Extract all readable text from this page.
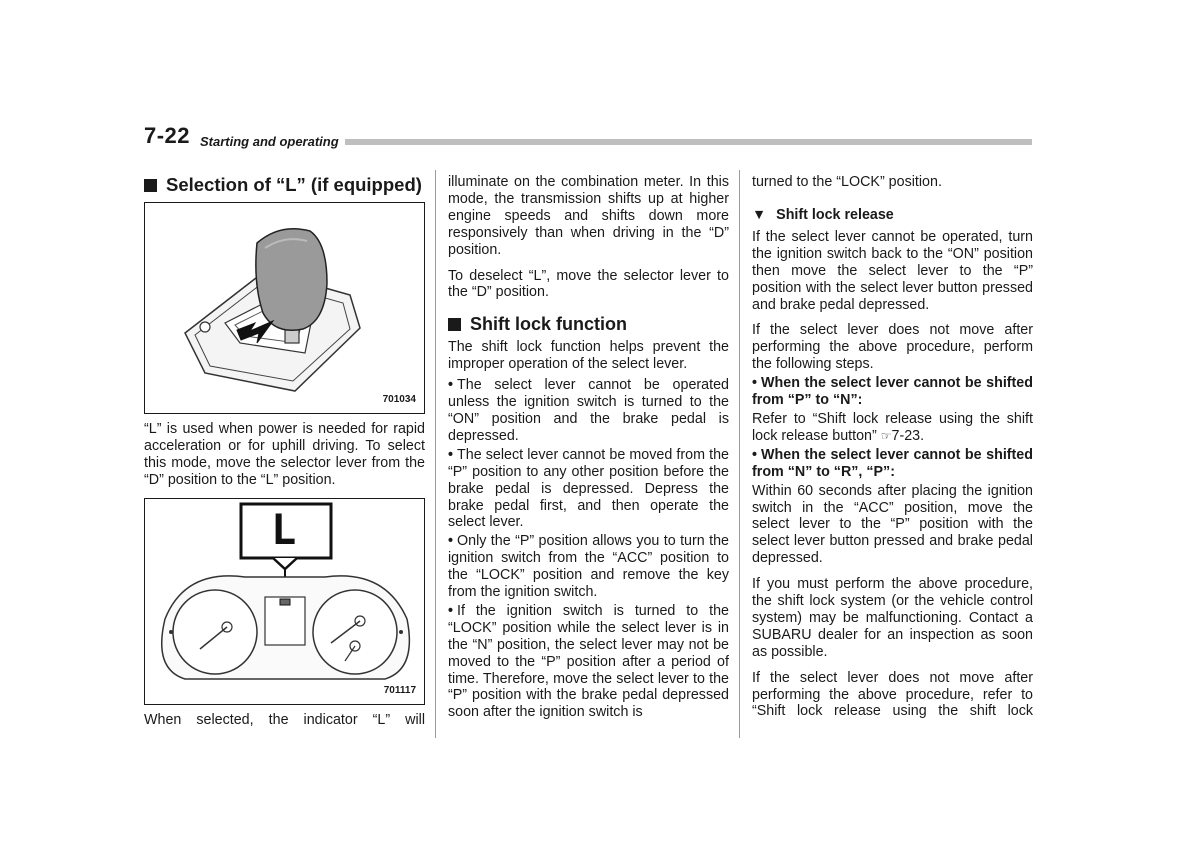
7-22 Starting and operating
Selection of “L” (if equipped)
701034

“L” is used when power is needed for rapid acceleration or for uphill driving. To select this mode, move the selector lever from the “D” position to the “L” position.

L
701117

When selected, the indicator “L” will

illuminate on the combination meter. In this mode, the transmission shifts up at higher engine speeds and shifts down more responsively than when driving in the “D” position.

To deselect “L”, move the selector lever to the “D” position.

Shift lock function

The shift lock function helps prevent the improper operation of the select lever.

• The select lever cannot be operated unless the ignition switch is turned to the “ON” position and the brake pedal is depressed.

• The select lever cannot be moved from the “P” position to any other position before the brake pedal is depressed. Depress the brake pedal first, and then operate the select lever.

• Only the “P” position allows you to turn the ignition switch from the “ACC” position to the “LOCK” position and remove the key from the ignition switch.

• If the ignition switch is turned to the “LOCK” position while the select lever is in the “N” position, the select lever may not be moved to the “P” position after a period of time. Therefore, move the select lever to the “P” position with the brake pedal depressed soon after the ignition switch is

turned to the “LOCK” position.

▼ Shift lock release

If the select lever cannot be operated, turn the ignition switch back to the “ON” position then move the select lever to the “P” position with the select lever button pressed and brake pedal depressed.

If the select lever does not move after performing the above procedure, perform the following steps.

• When the select lever cannot be shifted from “P” to “N”:

Refer to “Shift lock release using the shift lock release button” ☞7-23.

• When the select lever cannot be shifted from “N” to “R”, “P”:

Within 60 seconds after placing the ignition switch in the “ACC” position, move the select lever to the “P” position with the select lever button pressed and brake pedal depressed.

If you must perform the above procedure, the shift lock system (or the vehicle control system) may be malfunctioning. Contact a SUBARU dealer for an inspection as soon as possible.

If the select lever does not move after performing the above procedure, refer to “Shift lock release using the shift lock
